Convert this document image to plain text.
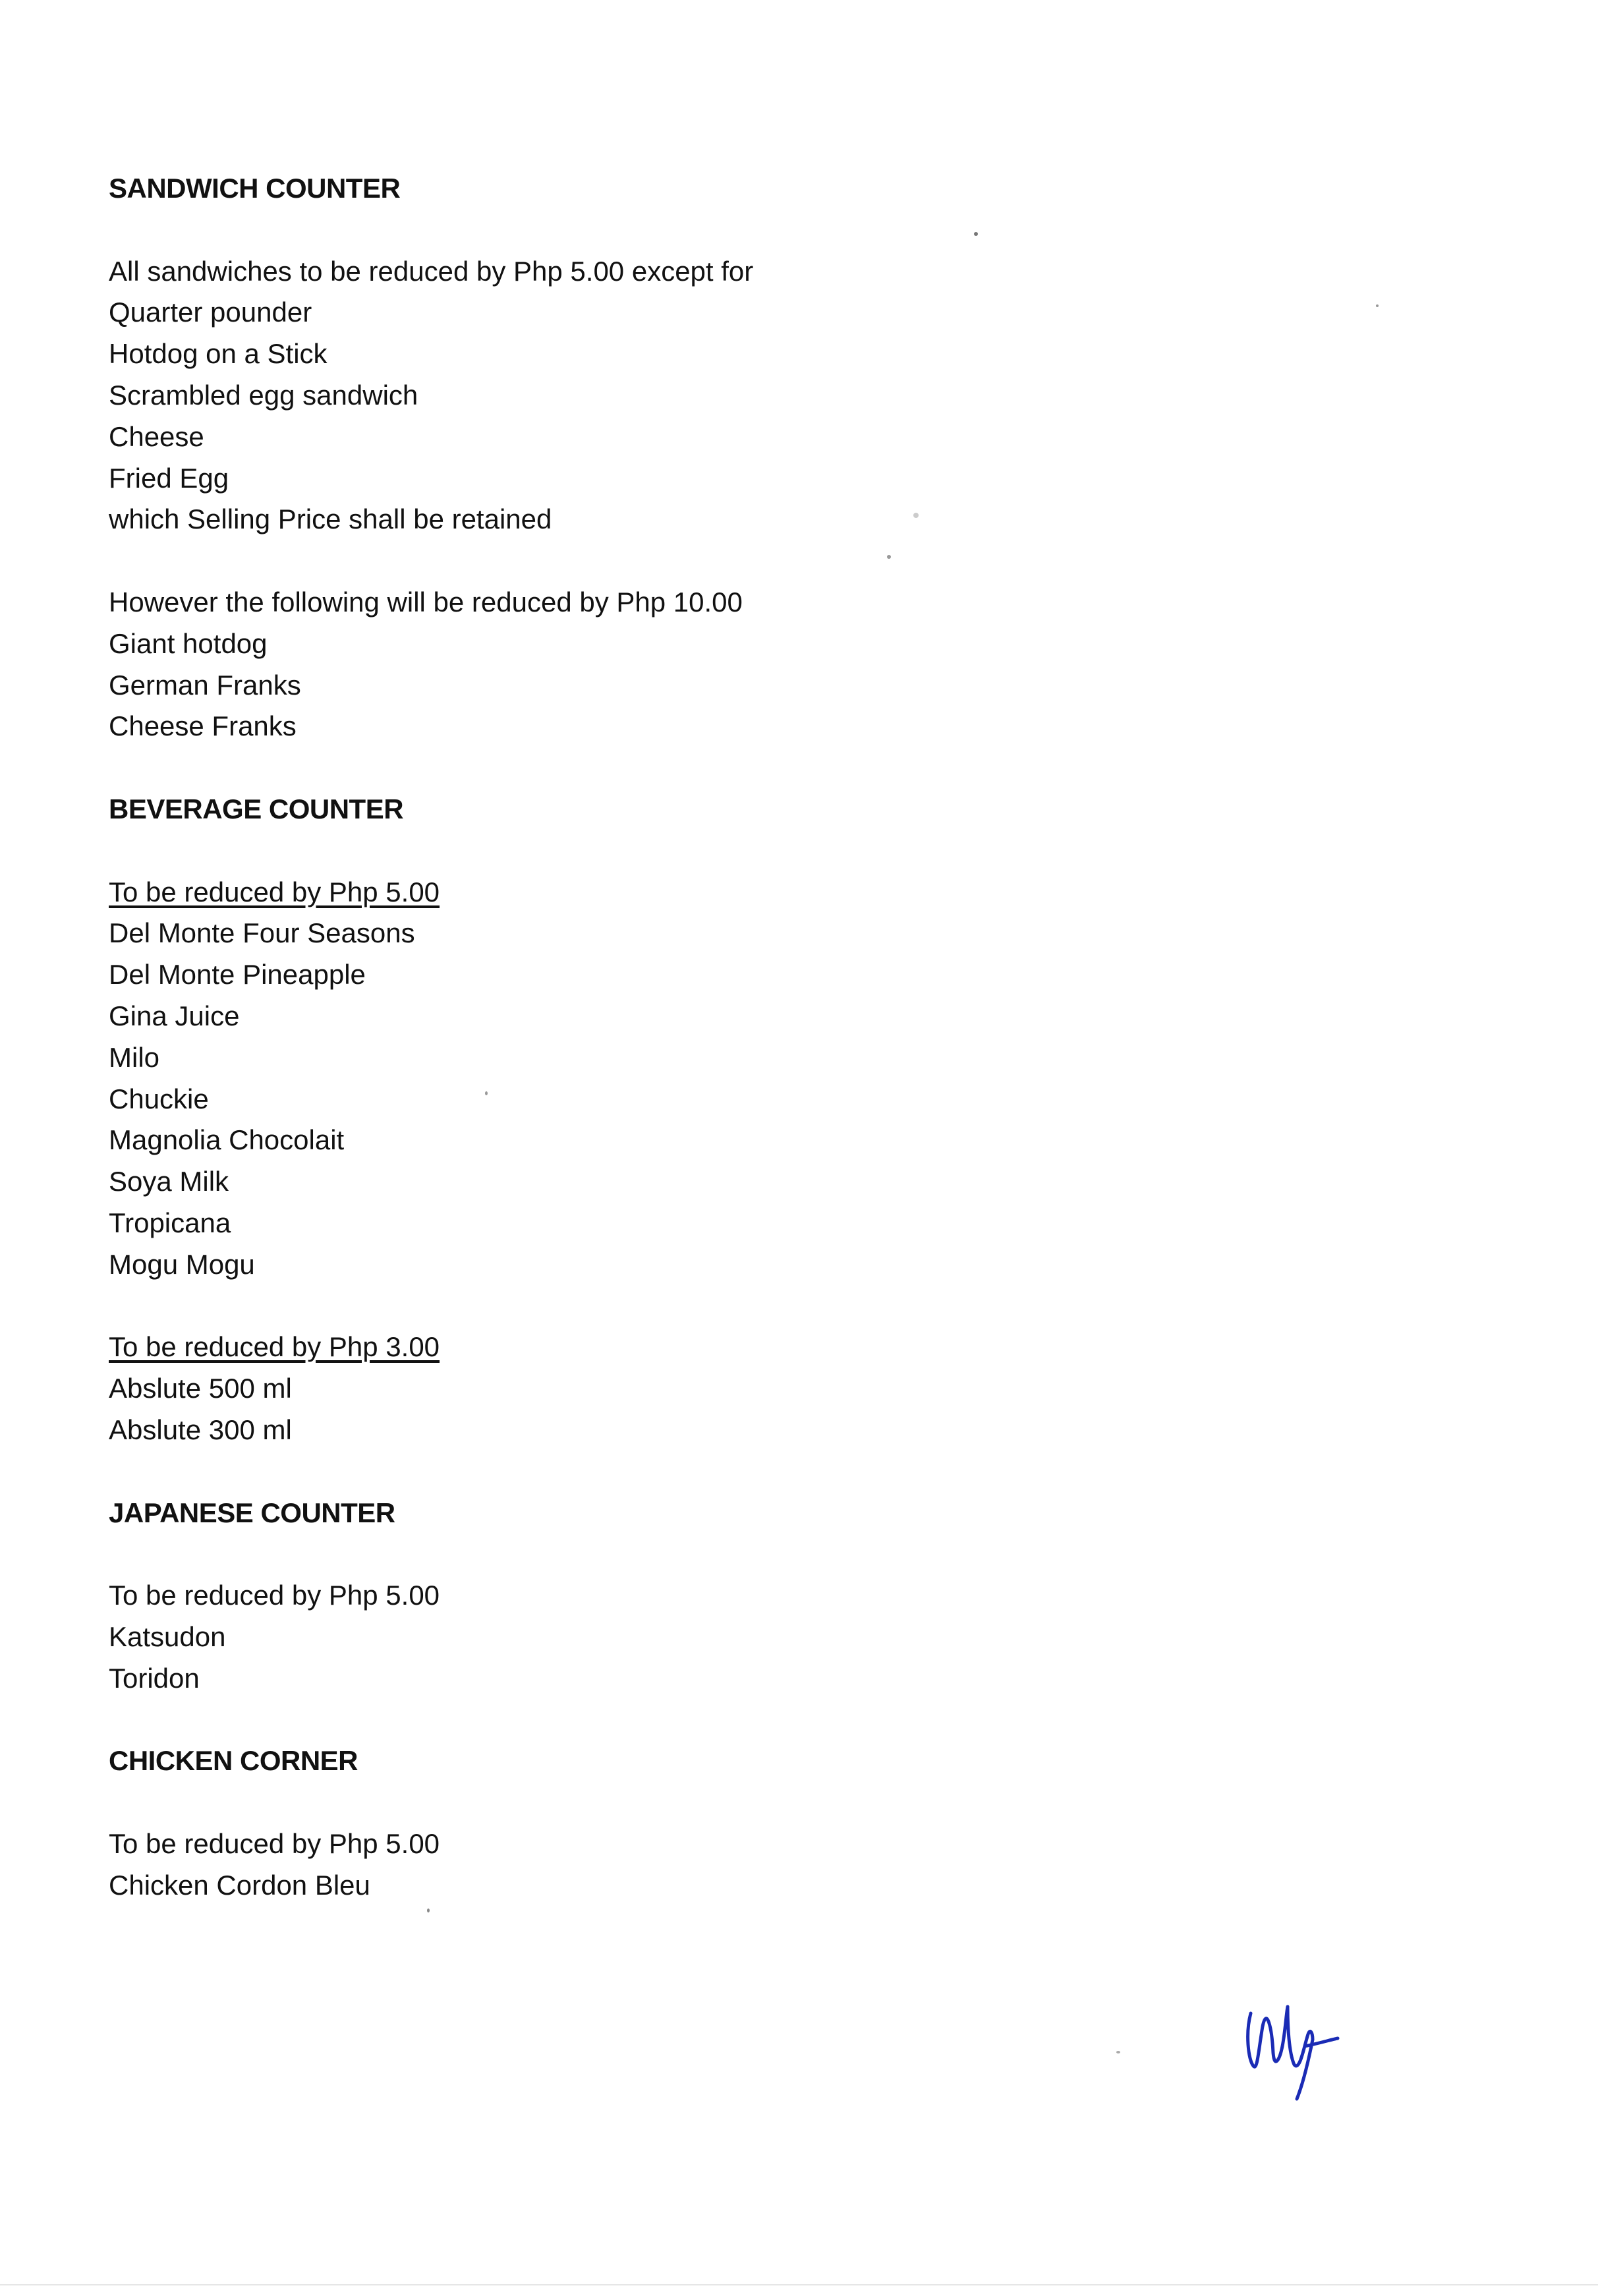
SANDWICH COUNTER
All sandwiches to be reduced by Php 5.00 except for
Quarter pounder
Hotdog on a Stick
Scrambled egg sandwich
Cheese
Fried Egg
which Selling Price shall be retained
However the following will be reduced by Php 10.00
Giant hotdog
German Franks
Cheese Franks
BEVERAGE COUNTER
To be reduced by Php 5.00
Del Monte Four Seasons
Del Monte Pineapple
Gina Juice
Milo
Chuckie
Magnolia Chocolait
Soya Milk
Tropicana
Mogu Mogu
To be reduced by Php 3.00
Abslute 500 ml
Abslute 300 ml
JAPANESE COUNTER
To be reduced by Php 5.00
Katsudon
Toridon
CHICKEN CORNER
To be reduced by Php 5.00
Chicken Cordon Bleu
